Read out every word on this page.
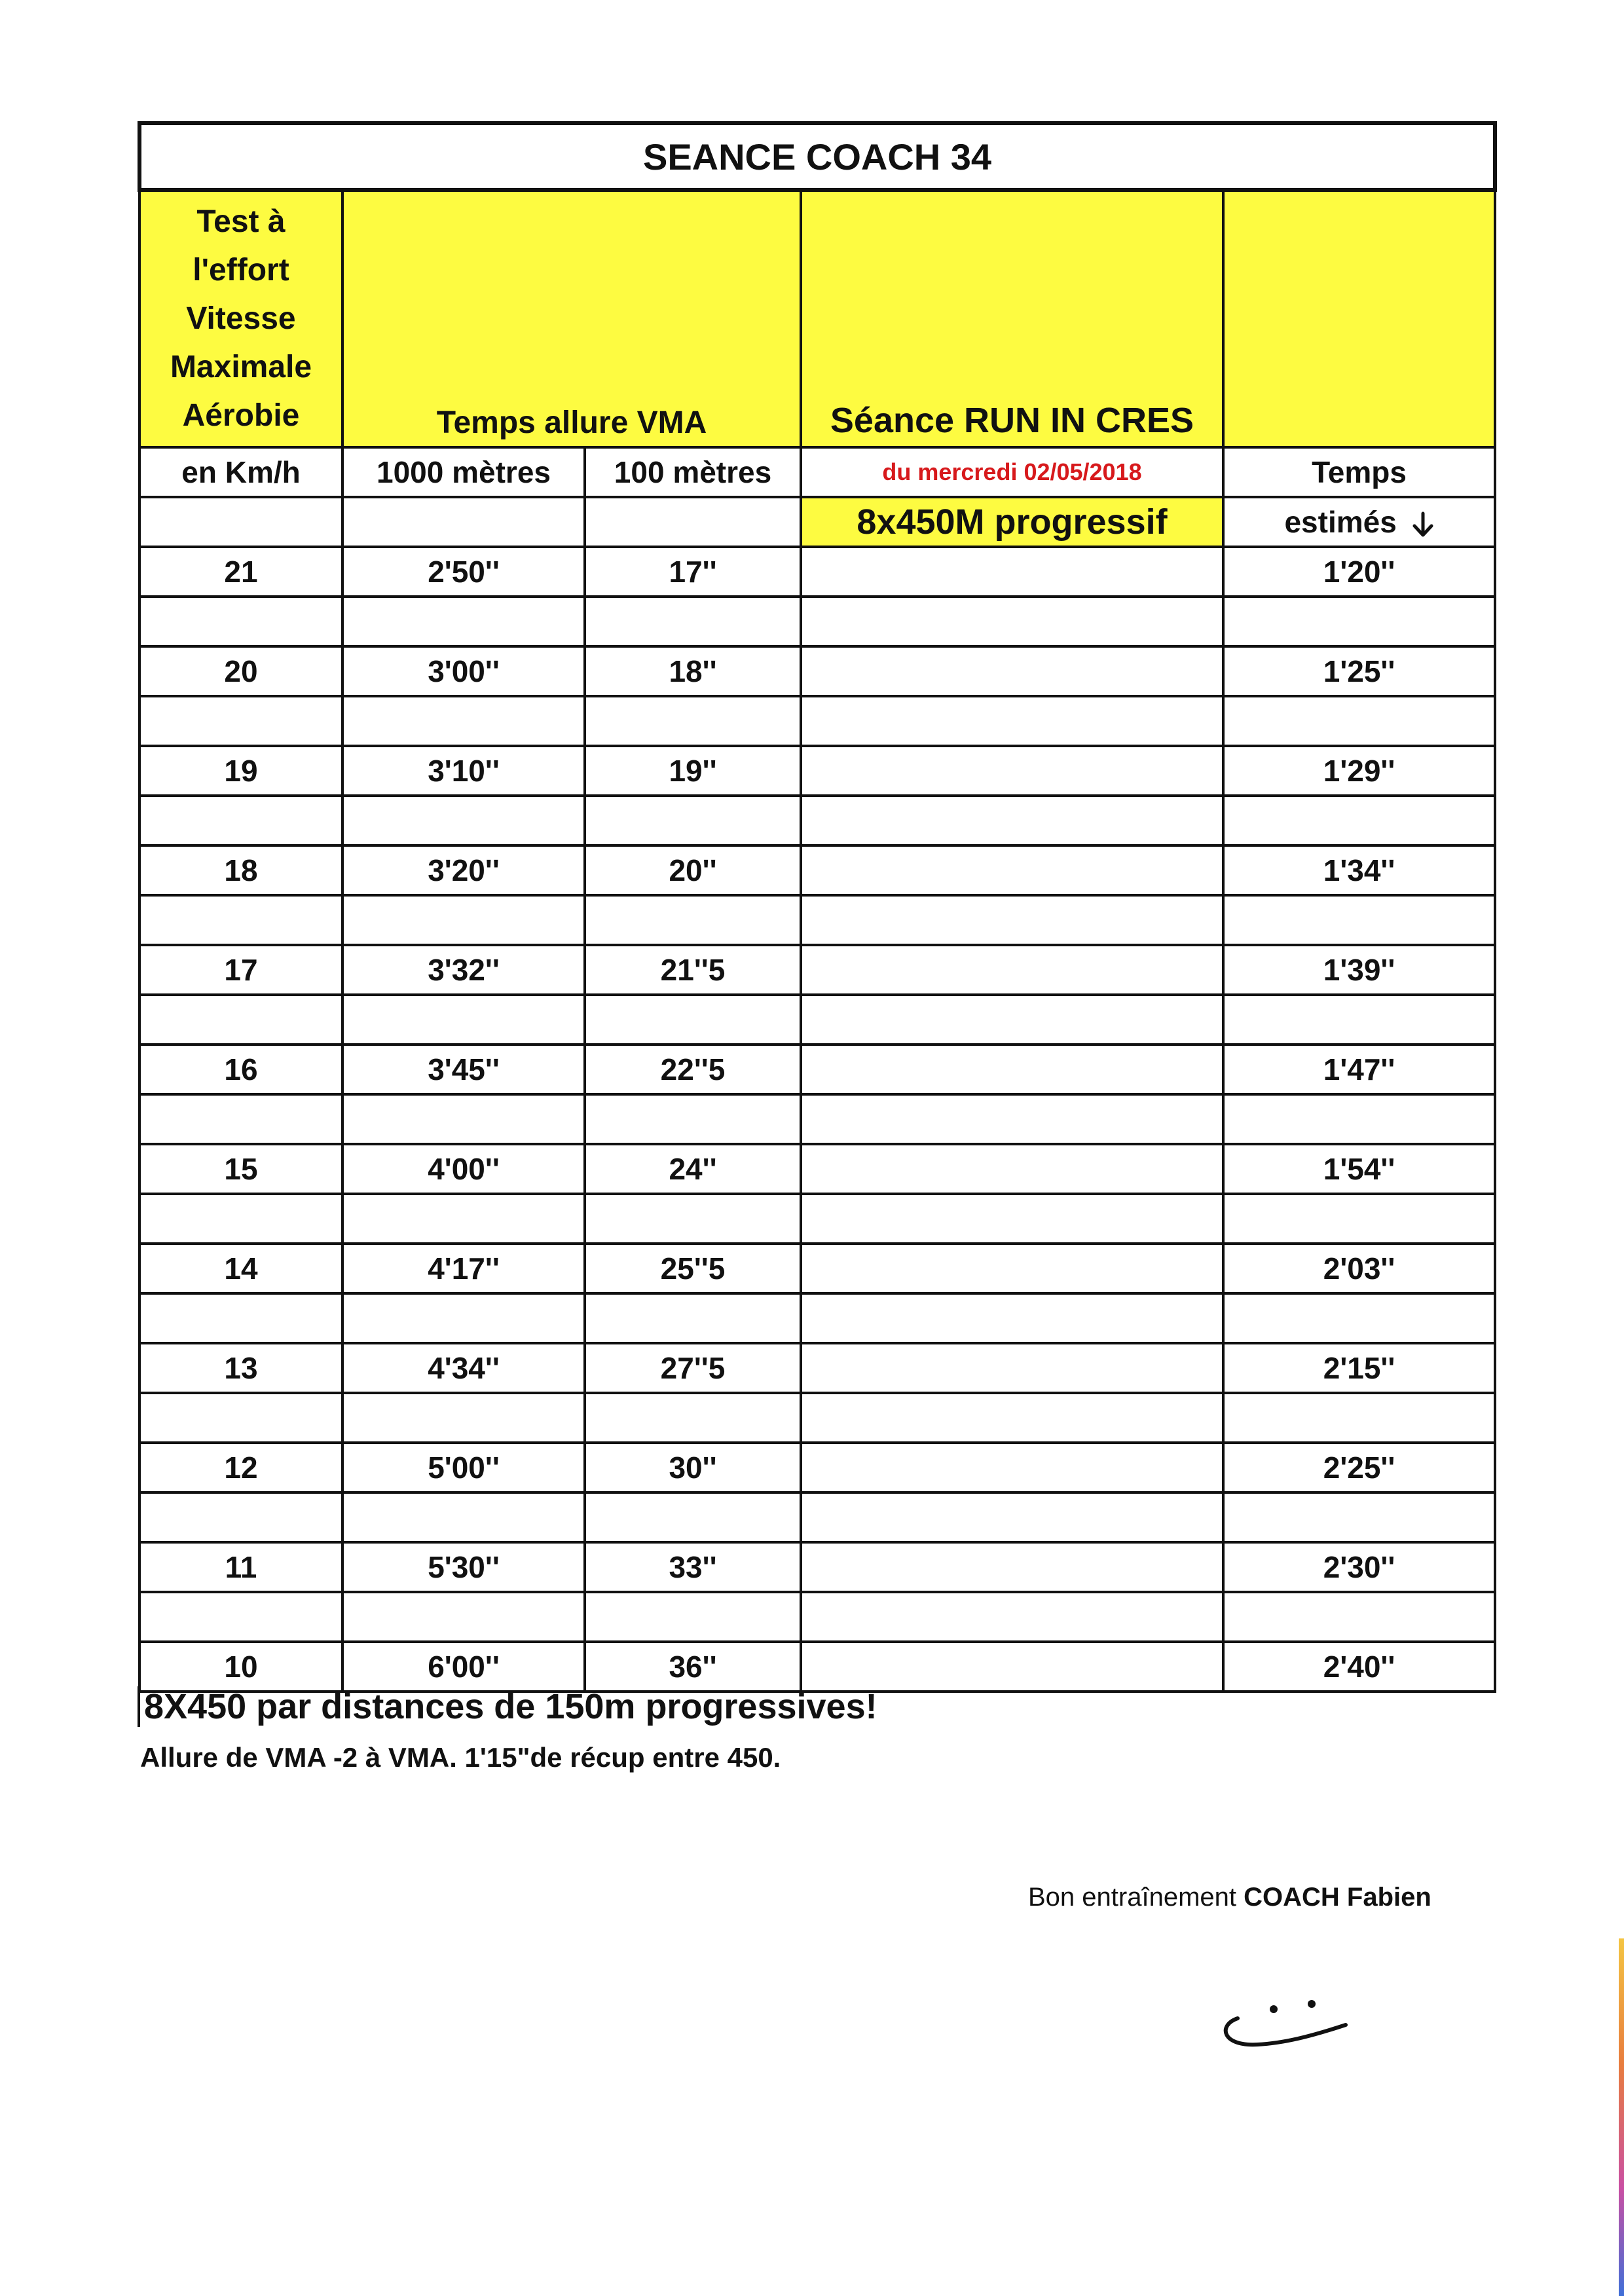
SEANCE COACH 34				

Test à
l'effort
Vitesse
Maximale
Aérobie	Temps allure VMA		Séance RUN IN CRES	
en Km/h	1000 mètres	100 mètres	du mercredi 02/05/2018	Temps
			8x450M progressif	estimés
21	2'50''	17''		1'20''

20	3'00''	18''		1'25''

19	3'10''	19''		1'29''

18	3'20''	20''		1'34''

17	3'32''	21''5		1'39''

16	3'45''	22''5		1'47''

15	4'00''	24''		1'54''

14	4'17''	25''5		2'03''

13	4'34''	27''5		2'15''

12	5'00''	30''		2'25''

11	5'30''	33''		2'30''

10	6'00''	36''		2'40''
8X450 par distances de 150m progressives!
Allure de VMA -2 à VMA. 1'15"de récup entre 450.
Bon entraînement COACH Fabien
